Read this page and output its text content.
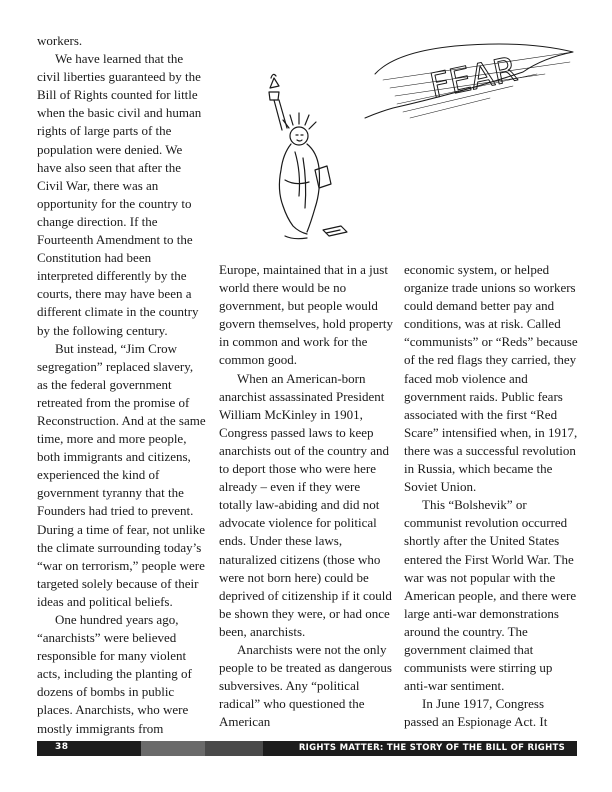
workers.

We have learned that the civil liberties guaranteed by the Bill of Rights counted for little when the basic civil and human rights of large parts of the population were denied. We have also seen that after the Civil War, there was an opportunity for the country to change direction. If the Fourteenth Amendment to the Constitution had been interpreted differently by the courts, there may have been a different climate in the country by the following century.

But instead, “Jim Crow segregation” replaced slavery, as the federal government retreated from the promise of Reconstruction. And at the same time, more and more people, both immigrants and citizens, experienced the kind of government tyranny that the Founders had tried to prevent. During a time of fear, not unlike the climate surrounding today’s “war on terrorism,” people were targeted solely because of their ideas and political beliefs.

One hundred years ago, “anarchists” were believed responsible for many violent acts, including the planting of dozens of bombs in public places. Anarchists, who were mostly immigrants from

Europe, maintained that in a just world there would be no government, but people would govern themselves, hold property in common and work for the common good.

When an American-born anarchist assassinated President William McKinley in 1901, Congress passed laws to keep anarchists out of the country and to deport those who were here already – even if they were totally law-abiding and did not advocate violence for political ends. Under these laws, naturalized citizens (those who were not born here) could be deprived of citizenship if it could be shown they were, or had once been, anarchists.

Anarchists were not the only people to be treated as dangerous subversives. Any “political radical” who questioned the American

economic system, or helped organize trade unions so workers could demand better pay and conditions, was at risk. Called “communists” or “Reds” because of the red flags they carried, they faced mob violence and government raids. Public fears associated with the first “Red Scare” intensified when, in 1917, there was a successful revolution in Russia, which became the Soviet Union.

This “Bolshevik” or communist revolution occurred shortly after the United States entered the First World War. The war was not popular with the American people, and there were large anti-war demonstrations around the country. The government claimed that communists were stirring up anti-war sentiment.

In June 1917, Congress passed an Espionage Act. It

FEAR
38	RIGHTS MATTER: THE STORY OF THE BILL OF RIGHTS
